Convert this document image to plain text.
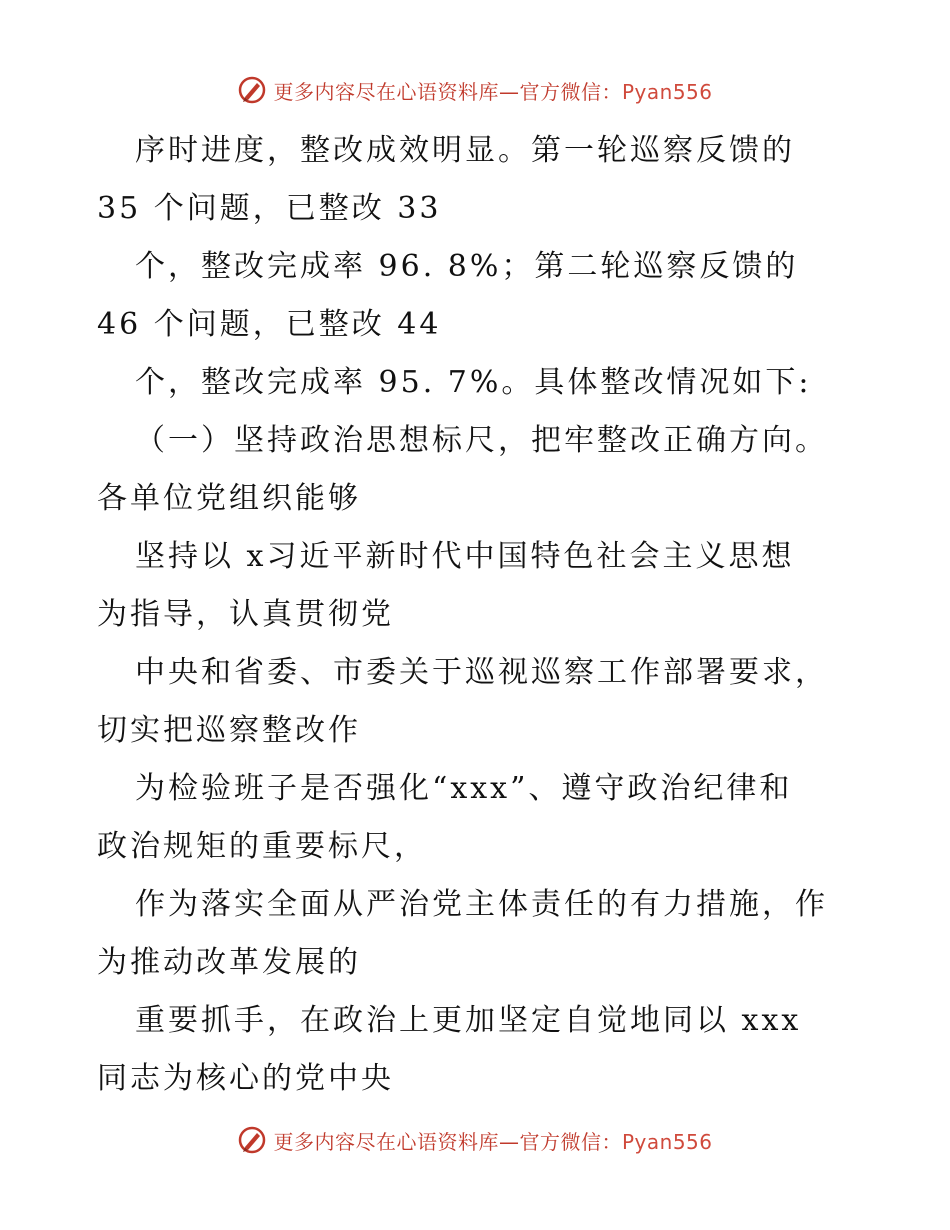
更多内容尽在心语资料库—官方微信：Pyan556
序时进度，整改成效明显。第一轮巡察反馈的
35 个问题，已整改 33
个，整改完成率 96. 8%；第二轮巡察反馈的
46 个问题，已整改 44
个，整改完成率 95. 7%。具体整改情况如下:
（一）坚持政治思想标尺，把牢整改正确方向。
各单位党组织能够
坚持以 x习近平新时代中国特色社会主义思想
为指导，认真贯彻党
中央和省委、市委关于巡视巡察工作部署要求，
切实把巡察整改作
为检验班子是否强化“xxx”、遵守政治纪律和
政治规矩的重要标尺，
作为落实全面从严治党主体责任的有力措施，作
为推动改革发展的
重要抓手，在政治上更加坚定自觉地同以 xxx
同志为核心的党中央
更多内容尽在心语资料库—官方微信：Pyan556
